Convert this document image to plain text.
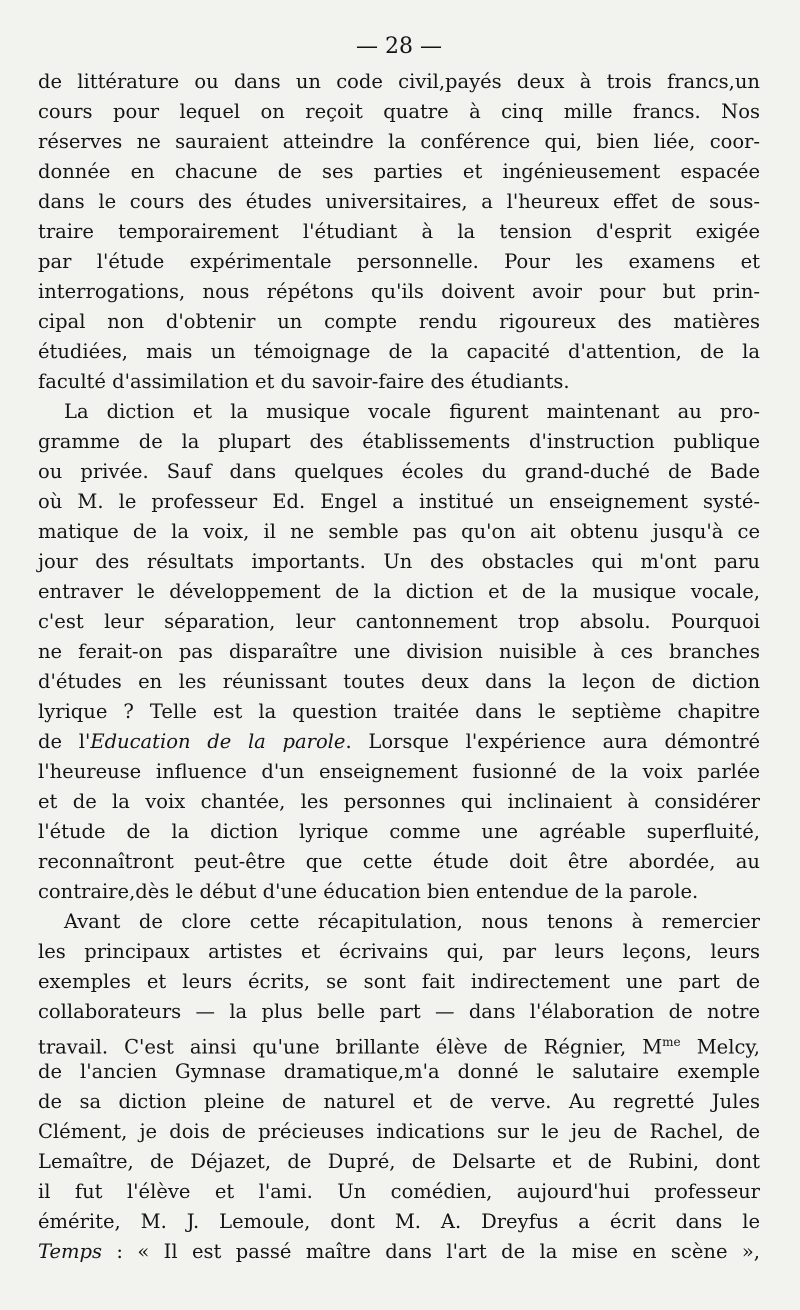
— 28 —
de littérature ou dans un code civil,payés deux à trois francs,un
cours pour lequel on reçoit quatre à cinq mille francs. Nos
réserves ne sauraient atteindre la conférence qui, bien liée, coor-
donnée en chacune de ses parties et ingénieusement espacée
dans le cours des études universitaires, a l'heureux effet de sous-
traire temporairement l'étudiant à la tension d'esprit exigée
par l'étude expérimentale personnelle. Pour les examens et
interrogations, nous répétons qu'ils doivent avoir pour but prin-
cipal non d'obtenir un compte rendu rigoureux des matières
étudiées, mais un témoignage de la capacité d'attention, de la
faculté d'assimilation et du savoir-faire des étudiants.
La diction et la musique vocale figurent maintenant au pro-
gramme de la plupart des établissements d'instruction publique
ou privée. Sauf dans quelques écoles du grand-duché de Bade
où M. le professeur Ed. Engel a institué un enseignement systé-
matique de la voix, il ne semble pas qu'on ait obtenu jusqu'à ce
jour des résultats importants. Un des obstacles qui m'ont paru
entraver le développement de la diction et de la musique vocale,
c'est leur séparation, leur cantonnement trop absolu. Pourquoi
ne ferait-on pas disparaître une division nuisible à ces branches
d'études en les réunissant toutes deux dans la leçon de diction
lyrique ? Telle est la question traitée dans le septième chapitre
de l'Education de la parole. Lorsque l'expérience aura démontré
l'heureuse influence d'un enseignement fusionné de la voix parlée
et de la voix chantée, les personnes qui inclinaient à considérer
l'étude de la diction lyrique comme une agréable superfluité,
reconnaîtront peut-être que cette étude doit être abordée, au
contraire,dès le début d'une éducation bien entendue de la parole.
Avant de clore cette récapitulation, nous tenons à remercier
les principaux artistes et écrivains qui, par leurs leçons, leurs
exemples et leurs écrits, se sont fait indirectement une part de
collaborateurs — la plus belle part — dans l'élaboration de notre
travail. C'est ainsi qu'une brillante élève de Régnier, $M^{me}$ Melcy,
de l'ancien Gymnase dramatique,m'a donné le salutaire exemple
de sa diction pleine de naturel et de verve. Au regretté Jules
Clément, je dois de précieuses indications sur le jeu de Rachel, de
Lemaître, de Déjazet, de Dupré, de Delsarte et de Rubini, dont
il fut l'élève et l'ami. Un comédien, aujourd'hui professeur
émérite, M. J. Lemoule, dont M. A. Dreyfus a écrit dans le
Temps : « Il est passé maître dans l'art de la mise en scène »,
